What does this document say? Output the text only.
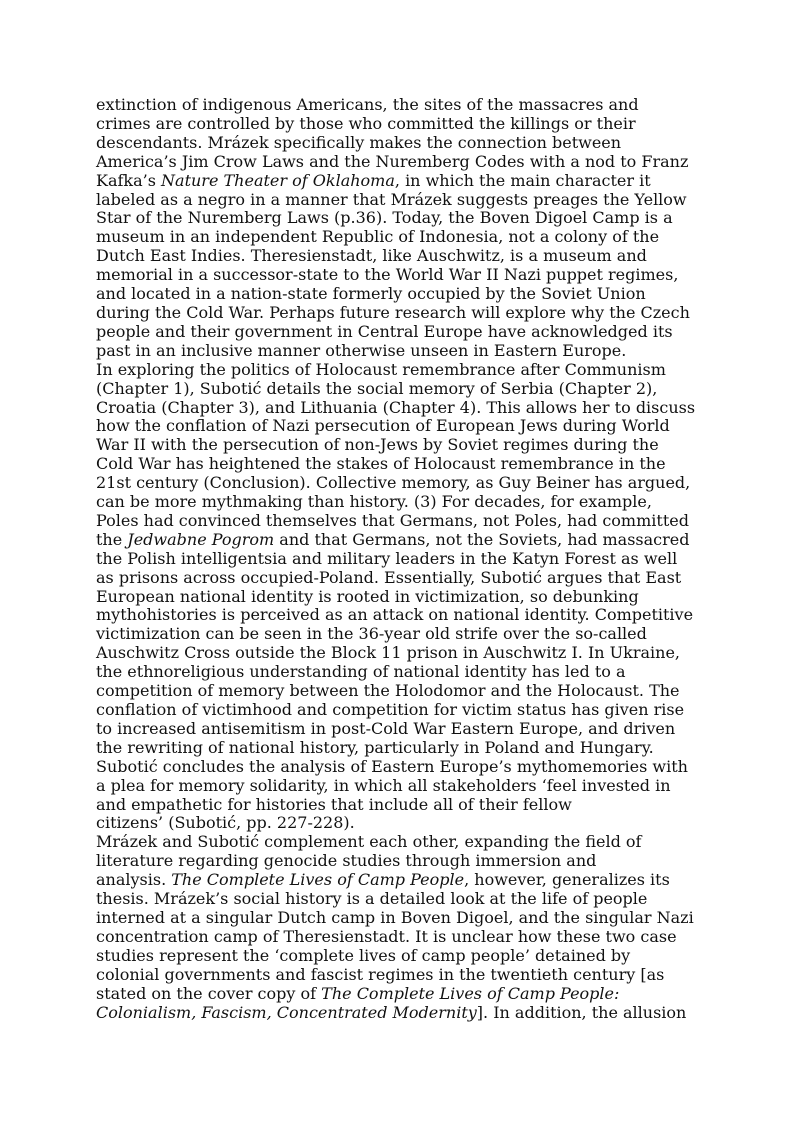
extinction of indigenous Americans, the sites of the massacres and
crimes are controlled by those who committed the killings or their
descendants. Mrázek specifically makes the connection between
America’s Jim Crow Laws and the Nuremberg Codes with a nod to Franz
Kafka’s Nature Theater of Oklahoma, in which the main character it
labeled as a negro in a manner that Mrázek suggests preages the Yellow
Star of the Nuremberg Laws (p.36). Today, the Boven Digoel Camp is a
museum in an independent Republic of Indonesia, not a colony of the
Dutch East Indies. Theresienstadt, like Auschwitz, is a museum and
memorial in a successor-state to the World War II Nazi puppet regimes,
and located in a nation-state formerly occupied by the Soviet Union
during the Cold War. Perhaps future research will explore why the Czech
people and their government in Central Europe have acknowledged its
past in an inclusive manner otherwise unseen in Eastern Europe.
In exploring the politics of Holocaust remembrance after Communism
(Chapter 1), Subotić details the social memory of Serbia (Chapter 2),
Croatia (Chapter 3), and Lithuania (Chapter 4). This allows her to discuss
how the conflation of Nazi persecution of European Jews during World
War II with the persecution of non-Jews by Soviet regimes during the
Cold War has heightened the stakes of Holocaust remembrance in the
21st century (Conclusion). Collective memory, as Guy Beiner has argued,
can be more mythmaking than history. (3) For decades, for example,
Poles had convinced themselves that Germans, not Poles, had committed
the Jedwabne Pogrom and that Germans, not the Soviets, had massacred
the Polish intelligentsia and military leaders in the Katyn Forest as well
as prisons across occupied-Poland. Essentially, Subotić argues that East
European national identity is rooted in victimization, so debunking
mythohistories is perceived as an attack on national identity. Competitive
victimization can be seen in the 36-year old strife over the so-called
Auschwitz Cross outside the Block 11 prison in Auschwitz I. In Ukraine,
the ethnoreligious understanding of national identity has led to a
competition of memory between the Holodomor and the Holocaust. The
conflation of victimhood and competition for victim status has given rise
to increased antisemitism in post-Cold War Eastern Europe, and driven
the rewriting of national history, particularly in Poland and Hungary.
Subotić concludes the analysis of Eastern Europe’s mythomemories with
a plea for memory solidarity, in which all stakeholders ‘feel invested in
and empathetic for histories that include all of their fellow
citizens’ (Subotić, pp. 227-228).
Mrázek and Subotić complement each other, expanding the field of
literature regarding genocide studies through immersion and
analysis. The Complete Lives of Camp People, however, generalizes its
thesis. Mrázek’s social history is a detailed look at the life of people
interned at a singular Dutch camp in Boven Digoel, and the singular Nazi
concentration camp of Theresienstadt. It is unclear how these two case
studies represent the ‘complete lives of camp people’ detained by
colonial governments and fascist regimes in the twentieth century [as
stated on the cover copy of The Complete Lives of Camp People:
Colonialism, Fascism, Concentrated Modernity]. In addition, the allusion
